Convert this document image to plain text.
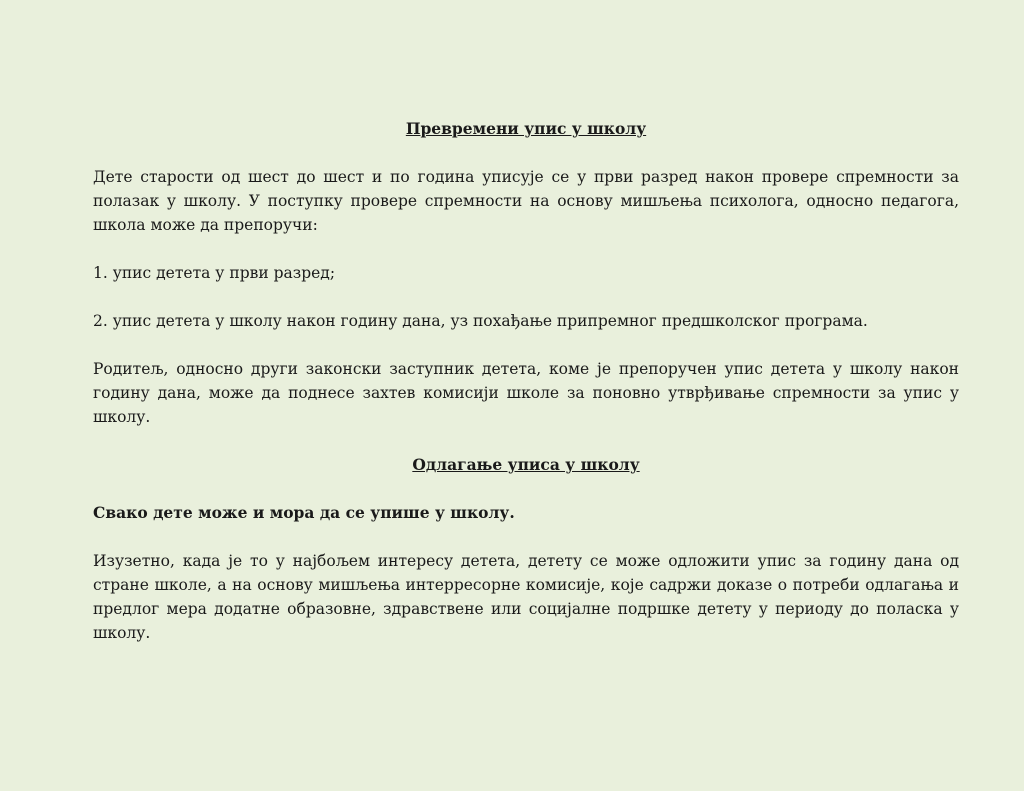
Превремени упис у школу

Дете старости од шест до шест и по година уписује се у први разред након провере спремности за полазак у школу. У поступку провере спремности на основу мишљења психолога, односно педагога, школа може да препоручи:

1. упис детета у први разред;

2. упис детета у школу након годину дана, уз похађање припремног предшколског програма.

Родитељ, односно други законски заступник детета, коме је препоручен упис детета у школу након годину дана, може да поднесе захтев комисији школе за поновно утврђивање спремности за упис у школу.

Одлагање уписа у школу

Свако дете може и мора да се упише у школу.

Изузетно, када је то у најбољем интересу детета, детету се може одложити упис за годину дана од стране школе, а на основу мишљења интерресорне комисије, које садржи доказе о потреби одлагања и предлог мера додатне образовне, здравствене или социјалне подршке детету у периоду до поласка у школу.
